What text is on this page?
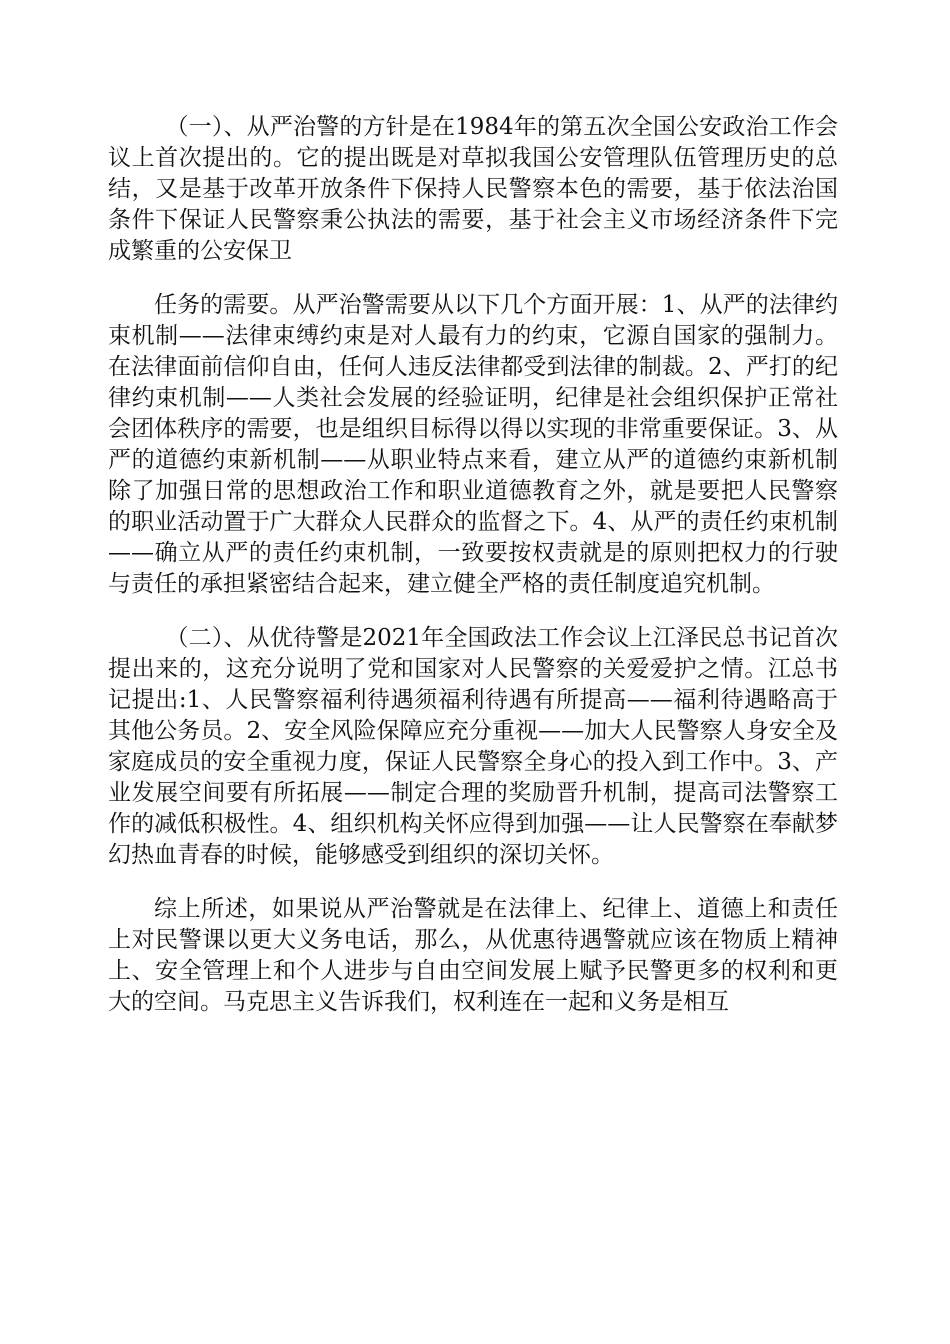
（一）、从严治警的方针是在1984年的第五次全国公安政治工作会议上首次提出的。它的提出既是对草拟我国公安管理队伍管理历史的总结，又是基于改革开放条件下保持人民警察本色的需要，基于依法治国条件下保证人民警察秉公执法的需要，基于社会主义市场经济条件下完成繁重的公安保卫

任务的需要。从严治警需要从以下几个方面开展：1、从严的法律约束机制——法律束缚约束是对人最有力的约束，它源自国家的强制力。在法律面前信仰自由，任何人违反法律都受到法律的制裁。2、严打的纪律约束机制——人类社会发展的经验证明，纪律是社会组织保护正常社会团体秩序的需要，也是组织目标得以得以实现的非常重要保证。3、从严的道德约束新机制——从职业特点来看，建立从严的道德约束新机制除了加强日常的思想政治工作和职业道德教育之外，就是要把人民警察的职业活动置于广大群众人民群众的监督之下。4、从严的责任约束机制——确立从严的责任约束机制，一致要按权责就是的原则把权力的行驶与责任的承担紧密结合起来，建立健全严格的责任制度追究机制。

（二）、从优待警是2021年全国政法工作会议上江泽民总书记首次提出来的，这充分说明了党和国家对人民警察的关爱爱护之情。江总书记提出:1、人民警察福利待遇须福利待遇有所提高——福利待遇略高于其他公务员。2、安全风险保障应充分重视——加大人民警察人身安全及家庭成员的安全重视力度，保证人民警察全身心的投入到工作中。3、产业发展空间要有所拓展——制定合理的奖励晋升机制，提高司法警察工作的减低积极性。4、组织机构关怀应得到加强——让人民警察在奉献梦幻热血青春的时候，能够感受到组织的深切关怀。

综上所述，如果说从严治警就是在法律上、纪律上、道德上和责任上对民警课以更大义务电话，那么，从优惠待遇警就应该在物质上精神上、安全管理上和个人进步与自由空间发展上赋予民警更多的权利和更大的空间。马克思主义告诉我们，权利连在一起和义务是相互
